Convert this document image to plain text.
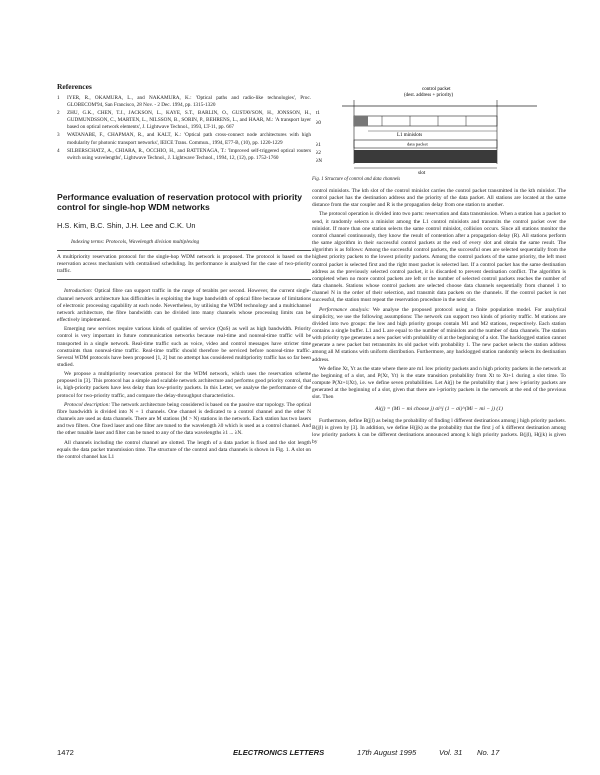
References
1	IYER, R., OKAMURA, L., and NAKAMURA, K.: 'Optical paths and radio-like technologies', Proc. GLOBECOM'94, San Francisco, 28 Nov. - 2 Dec. 1994, pp. 1315-1320
2	ZHU, G.K., CHEN, T.J., JACKSON, L., KAYE, S.T., BARLIN, O., GUSTAVSON, H., JONSSON, H., GUDMUNDSSON, C., MARTEN, L., NILSSON, B., SORIN, P., BEHRENS, L., and HAAR, M.: 'A transport layer based on optical network elements', J. Lightwave Technol., 1993, LT-11, pp. 667
3	WATANABE, F., CHAPMAN, R., and KALT, K.: 'Optical path cross-connect node architectures with high modularity for photonic transport networks', IEICE Trans. Commun., 1994, E77-B, (10), pp. 1220-1229
4	SILBERSCHATZ, A., CHIARA, R., OCCHIO, H., and BATTENAGA, T.: 'Improved self-triggered optical routers switch using wavelengths', Lightwave Technol., J. Lightwave Technol., 1994, 12, (12), pp. 1752-1760
Performance evaluation of reservation protocol with priority control for single-hop WDM networks
H.S. Kim, B.C. Shin, J.H. Lee and C.K. Un
Indexing terms: Protocols, Wavelength division multiplexing
A multipriority reservation protocol for the single-hop WDM network is proposed. The protocol is based on the reservation access mechanism with centralised scheduling. Its performance is analysed for the case of two-priority traffic.

Introduction: Optical fibre can support traffic in the range of terabits per second. However, the current single-channel network architecture has difficulties in exploiting the huge bandwidth of optical fibre because of limitations of electronic processing capability at each node. Nevertheless, by utilising the WDM technology and a multichannel network architecture, the fibre bandwidth can be divided into many channels whose processing limits can be effectively implemented.

Emerging new services require various kinds of qualities of service (QoS) as well as high bandwidth. Priority control is very important in future communication networks because real-time and nonreal-time traffic will be transported in a single network. Real-time traffic such as voice, video and control messages have stricter time constraints than nonreal-time traffic. Real-time traffic should therefore be serviced before nonreal-time traffic. Several WDM protocols have been proposed [1, 2] but no attempt has considered multipriority traffic has so far been studied.

We propose a multipriority reservation protocol for the WDM network, which uses the reservation scheme proposed in [3]. This protocol has a simple and scalable network architecture and performs good priority control, that is, high-priority packets have less delay than low-priority packets. In this Letter, we analyse the performance of the protocol for two-priority traffic, and compare the delay-throughput characteristics.

Protocol description: The network architecture being considered is based on the passive star topology. The optical fibre bandwidth is divided into N + 1 channels. One channel is dedicated to a control channel and the other N channels are used as data channels. There are M stations (M > N) stations in the network. Each station has two lasers and two filters. One fixed laser and one filter are tuned to the wavelength λ0 which is used as a control channel. And the other tunable laser and filter can be tuned to any of the data wavelengths λ1 ... λN.

All channels including the control channel are slotted. The length of a data packet is fixed and the slot length equals the data packet transmission time. The structure of the control and data channels is shown in Fig. 1. A slot on the control channel has L1

control packet
(dest. address + priority)
t1
λ0
L1 minislots
λ1	data packet
λ2
λN
slot
Fig. 1 Structure of control and data channels

control minislots. The kth slot of the control minislot carries the control packet transmitted in the kth minislot. The control packet has the destination address and the priority of the data packet. All stations are located at the same distance from the star coupler and R is the propagation delay from one station to another.

The protocol operation is divided into two parts: reservation and data transmission. When a station has a packet to send, it randomly selects a minislot among the L1 control minislots and transmits the control packet over the minislot. If more than one station selects the same control minislot, collision occurs. Since all stations monitor the control channel continuously, they know the result of contention after a propagation delay (R). All stations perform the same algorithm in their successful control packets at the end of every slot and obtain the same result. The algorithm is as follows: Among the successful control packets, the successful ones are selected sequentially from the highest priority packets to the lowest priority packets. Among the control packets of the same priority, the left most control packet is selected first and the right most packet is selected last. If a control packet has the same destination address as the previously selected control packet, it is discarded to prevent destination conflict. The algorithm is completed when no more control packets are left or the number of selected control packets reaches the number of data channels. Stations whose control packets are selected choose data channels sequentially from channel 1 to channel N in the order of their selection, and transmit data packets on the channels. If the control packet is not successful, the station must repeat the reservation procedure in the next slot.

Performance analysis: We analyse the proposed protocol using a finite population model. For analytical simplicity, we use the following assumptions: The network can support two kinds of priority traffic. M stations are divided into two groups: the low and high priority groups contain M1 and M2 stations, respectively. Each station contains a single buffer. L1 and L are equal to the number of minislots and the number of data channels. The station with priority type generates a new packet with probability σi at the beginning of a slot. The backlogged station cannot generate a new packet but retransmits its old packet with probability 1. The new packet selects the station address among all M stations with uniform distribution. Furthermore, any backlogged station randomly selects its destination address.

We define Xt, Yt as the state where there are m1 low priority packets and n high priority packets in the network at the beginning of a slot, and P(Xt, Yt) is the state transition probability from Xt to Xt+1 during a slot time. To compute P(Xt+1|Xt), i.e. we define seven probabilities. Let Ai(j) be the probability that j new i-priority packets are generated at the beginning of a slot, given that there are i-priority packets in the network at the end of the previous slot. Then

Ai(j) = (Mi − mi choose j) σi^j (1 − σi)^(Mi − mi − j) (1)

Furthermore, define B(j|l) as being the probability of finding l different destinations among j high priority packets. B(j|l) is given by [3]. In addition, we define H(j|k) as the probability that the first j of k different destination among low priority packets k can be different destinations announced among k high priority packets. B(j|l), H(j|k) is given by

1472	ELECTRONICS LETTERS	17th August 1995	Vol. 31 No. 17
